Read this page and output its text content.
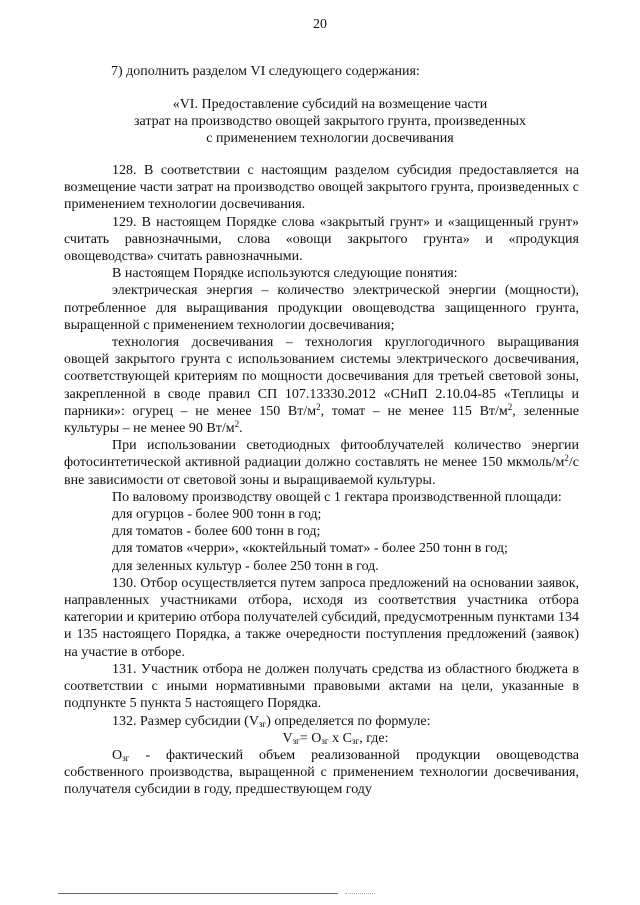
20
7) дополнить разделом VI следующего содержания:
«VI. Предоставление субсидий на возмещение части
затрат на производство овощей закрытого грунта, произведенных
с применением технологии досвечивания

128. В соответствии с настоящим разделом субсидия предоставляется на возмещение части затрат на производство овощей закрытого грунта, произведенных с применением технологии досвечивания.

129. В настоящем Порядке слова «закрытый грунт» и «защищенный грунт» считать равнозначными, слова «овощи закрытого грунта» и «продукция овощеводства» считать равнозначными.

В настоящем Порядке используются следующие понятия:

электрическая энергия – количество электрической энергии (мощности), потребленное для выращивания продукции овощеводства защищенного грунта, выращенной с применением технологии досвечивания;

технология досвечивания – технология круглогодичного выращивания овощей закрытого грунта с использованием системы электрического досвечивания, соответствующей критериям по мощности досвечивания для третьей световой зоны, закрепленной в своде правил СП 107.13330.2012 «СНиП 2.10.04-85 «Теплицы и парники»: огурец – не менее 150 $Вт/м^2$, томат – не менее 115 $Вт/м^2$, зеленные культуры – не менее 90 $Вт/м^2$.

При использовании светодиодных фитооблучателей количество энергии фотосинтетической активной радиации должно составлять не менее 150 мкмоль/$м^2/с$ вне зависимости от световой зоны и выращиваемой культуры.

По валовому производству овощей с 1 гектара производственной площади:

для огурцов - более 900 тонн в год;

для томатов - более 600 тонн в год;

для томатов «черри», «коктейльный томат» - более 250 тонн в год;

для зеленных культур - более 250 тонн в год.

130. Отбор осуществляется путем запроса предложений на основании заявок, направленных участниками отбора, исходя из соответствия участника отбора категории и критерию отбора получателей субсидий, предусмотренным пунктами 134 и 135 настоящего Порядка, а также очередности поступления предложений (заявок) на участие в отборе.

131. Участник отбора не должен получать средства из областного бюджета в соответствии с иными нормативными правовыми актами на цели, указанные в подпункте 5 пункта 5 настоящего Порядка.

132. Размер субсидии $(V_{зг})$ определяется по формуле:

$V_{зг}= О_{зг}$ х $С_{зг}$, где:

$О_{зг}$ - фактический объем реализованной продукции овощеводства собственного производства, выращенной с применением технологии досвечивания, получателя субсидии в году, предшествующем году
